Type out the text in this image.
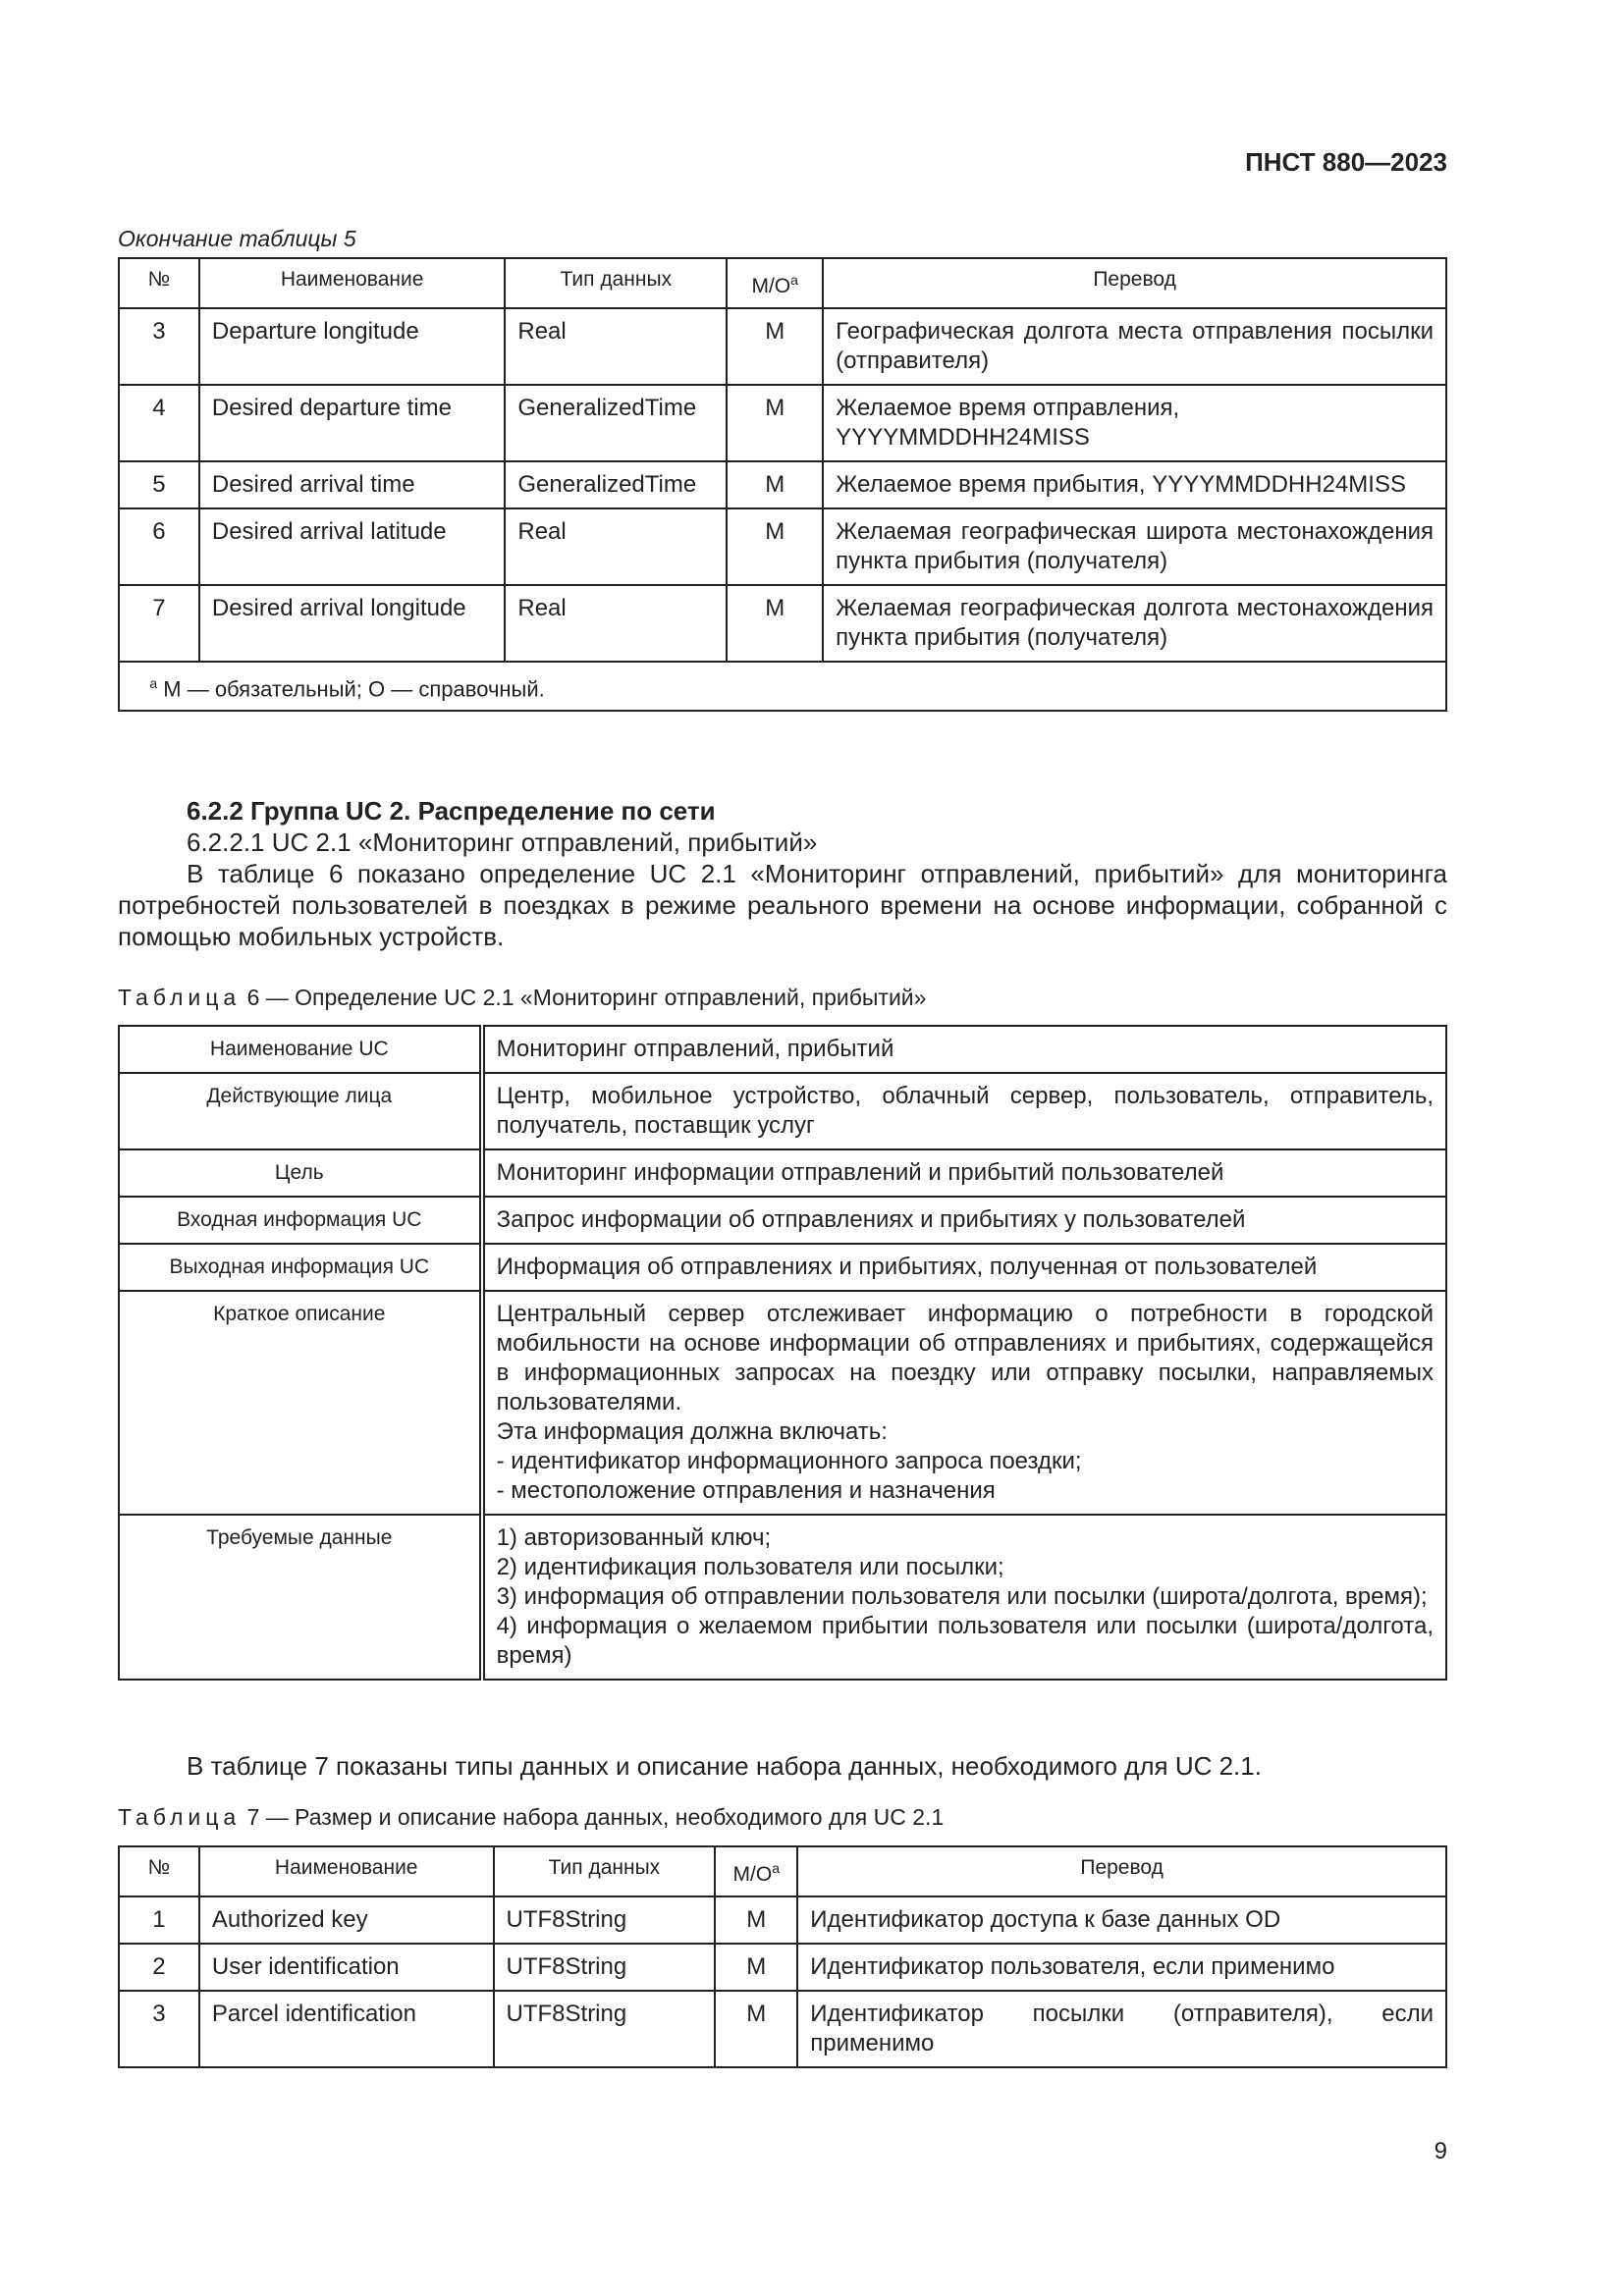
ПНСТ 880—2023
Окончание таблицы 5
№	Наименование	Тип данных	$M/O^a$	Перевод
3	Departure longitude	Real	M	Географическая долгота места отправления посылки (отправителя)
4	Desired departure time	GeneralizedTime	M	Желаемое время отправления, YYYYMMDDHH24MISS
5	Desired arrival time	GeneralizedTime	M	Желаемое время прибытия, YYYYMMDDHH24MISS
6	Desired arrival latitude	Real	M	Желаемая географическая широта местонахождения пункта прибытия (получателя)
7	Desired arrival longitude	Real	M	Желаемая географическая долгота местонахождения пункта прибытия (получателя)
$^a$ M — обязательный; O — справочный.				
6.2.2 Группа UC 2. Распределение по сети
6.2.2.1 UC 2.1 «Мониторинг отправлений, прибытий»
В таблице 6 показано определение UC 2.1 «Мониторинг отправлений, прибытий» для мониторинга потребностей пользователей в поездках в режиме реального времени на основе информации, собранной с помощью мобильных устройств.
Таблица 6 — Определение UC 2.1 «Мониторинг отправлений, прибытий»
Наименование UC	Мониторинг отправлений, прибытий
Действующие лица	Центр, мобильное устройство, облачный сервер, пользователь, отправитель, получатель, поставщик услуг
Цель	Мониторинг информации отправлений и прибытий пользователей
Входная информация UC	Запрос информации об отправлениях и прибытиях у пользователей
Выходная информация UC	Информация об отправлениях и прибытиях, полученная от пользователей
Краткое описание	Центральный сервер отслеживает информацию о потребности в городской мобильности на основе информации об отправлениях и прибытиях, содержащейся в информационных запросах на поездку или отправку посылки, направляемых пользователями.
Эта информация должна включать:
- идентификатор информационного запроса поездки;
- местоположение отправления и назначения

Требуемые данные	1) авторизованный ключ;
2) идентификация пользователя или посылки;
3) информация об отправлении пользователя или посылки (широта/долгота, время);
4) информация о желаемом прибытии пользователя или посылки (широта/долгота, время)
В таблице 7 показаны типы данных и описание набора данных, необходимого для UC 2.1.
Таблица 7 — Размер и описание набора данных, необходимого для UC 2.1
№	Наименование	Тип данных	$M/O^a$	Перевод
1	Authorized key	UTF8String	M	Идентификатор доступа к базе данных OD
2	User identification	UTF8String	M	Идентификатор пользователя, если применимо
3	Parcel identification	UTF8String	M	Идентификатор посылки (отправителя), если применимо
9
